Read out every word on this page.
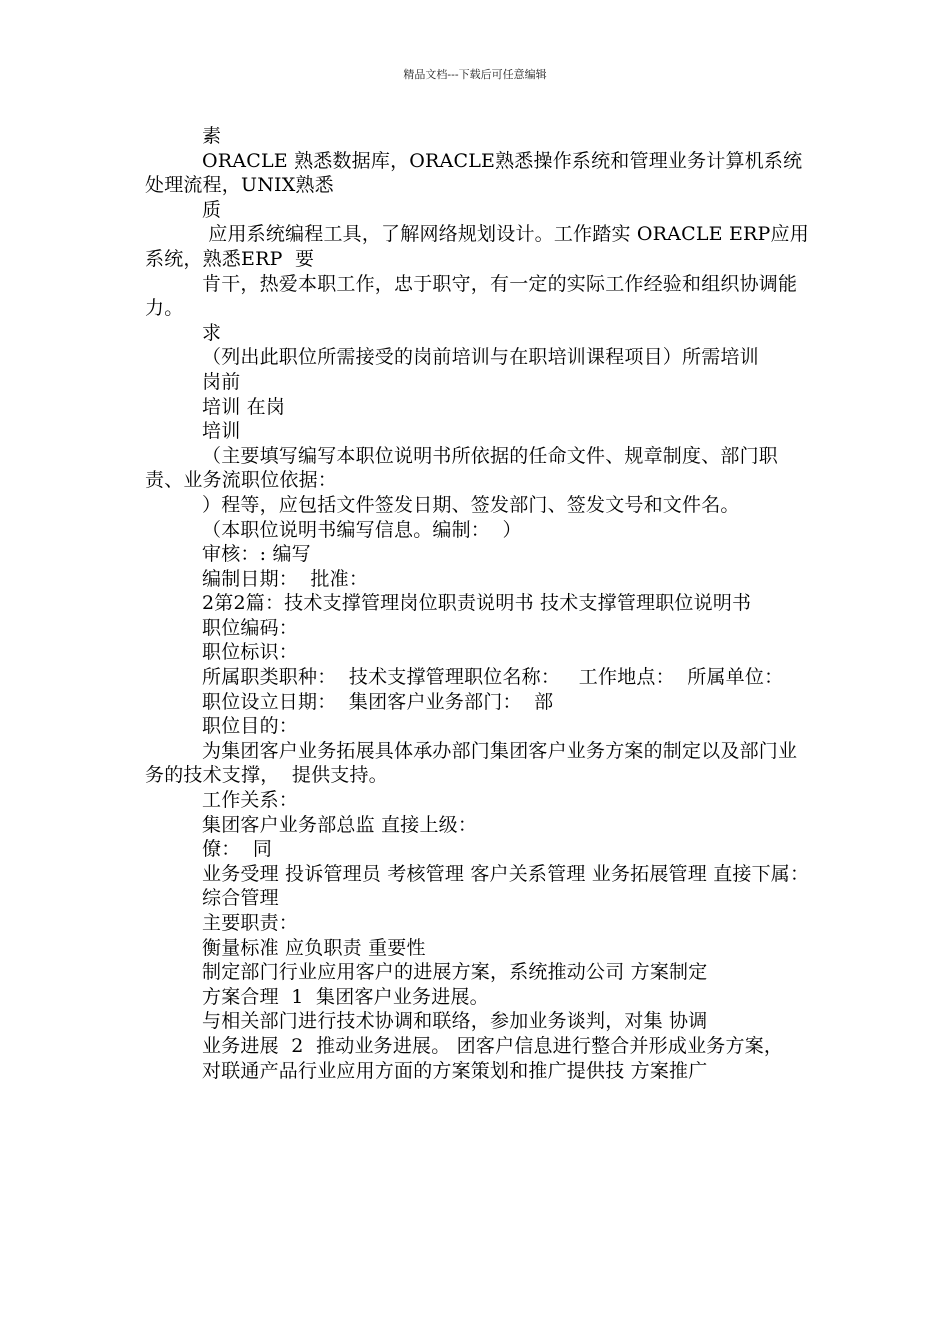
精品文档---下载后可任意编辑

素

ORACLE 熟悉数据库，ORACLE熟悉操作系统和管理业务计算机系统处理流程，UNIX熟悉

质

应用系统编程工具，了解网络规划设计。工作踏实 ORACLE ERP应用系统，熟悉ERP  要

肯干，热爱本职工作，忠于职守，有一定的实际工作经验和组织协调能力。

求

（列出此职位所需接受的岗前培训与在职培训课程项目）所需培训

岗前

培训 在岗

培训

（主要填写编写本职位说明书所依据的任命文件、规章制度、部门职责、业务流职位依据：

）程等，应包括文件签发日期、签发部门、签发文号和文件名。

（本职位说明书编写信息。编制：  ）

审核：: 编写

编制日期：  批准：

2第2篇：技术支撑管理岗位职责说明书 技术支撑管理职位说明书

职位编码：

职位标识：

所属职类职种：  技术支撑管理职位名称：   工作地点：  所属单位：

职位设立日期：  集团客户业务部门：  部

职位目的：

为集团客户业务拓展具体承办部门集团客户业务方案的制定以及部门业务的技术支撑，  提供支持。

工作关系：

集团客户业务部总监 直接上级：

僚：  同

业务受理 投诉管理员 考核管理 客户关系管理 业务拓展管理 直接下属：

综合管理

主要职责：

衡量标准 应负职责 重要性

制定部门行业应用客户的进展方案，系统推动公司 方案制定

方案合理  1  集团客户业务进展。

与相关部门进行技术协调和联络，参加业务谈判，对集 协调

业务进展  2  推动业务进展。 团客户信息进行整合并形成业务方案，

对联通产品行业应用方面的方案策划和推广提供技 方案推广
